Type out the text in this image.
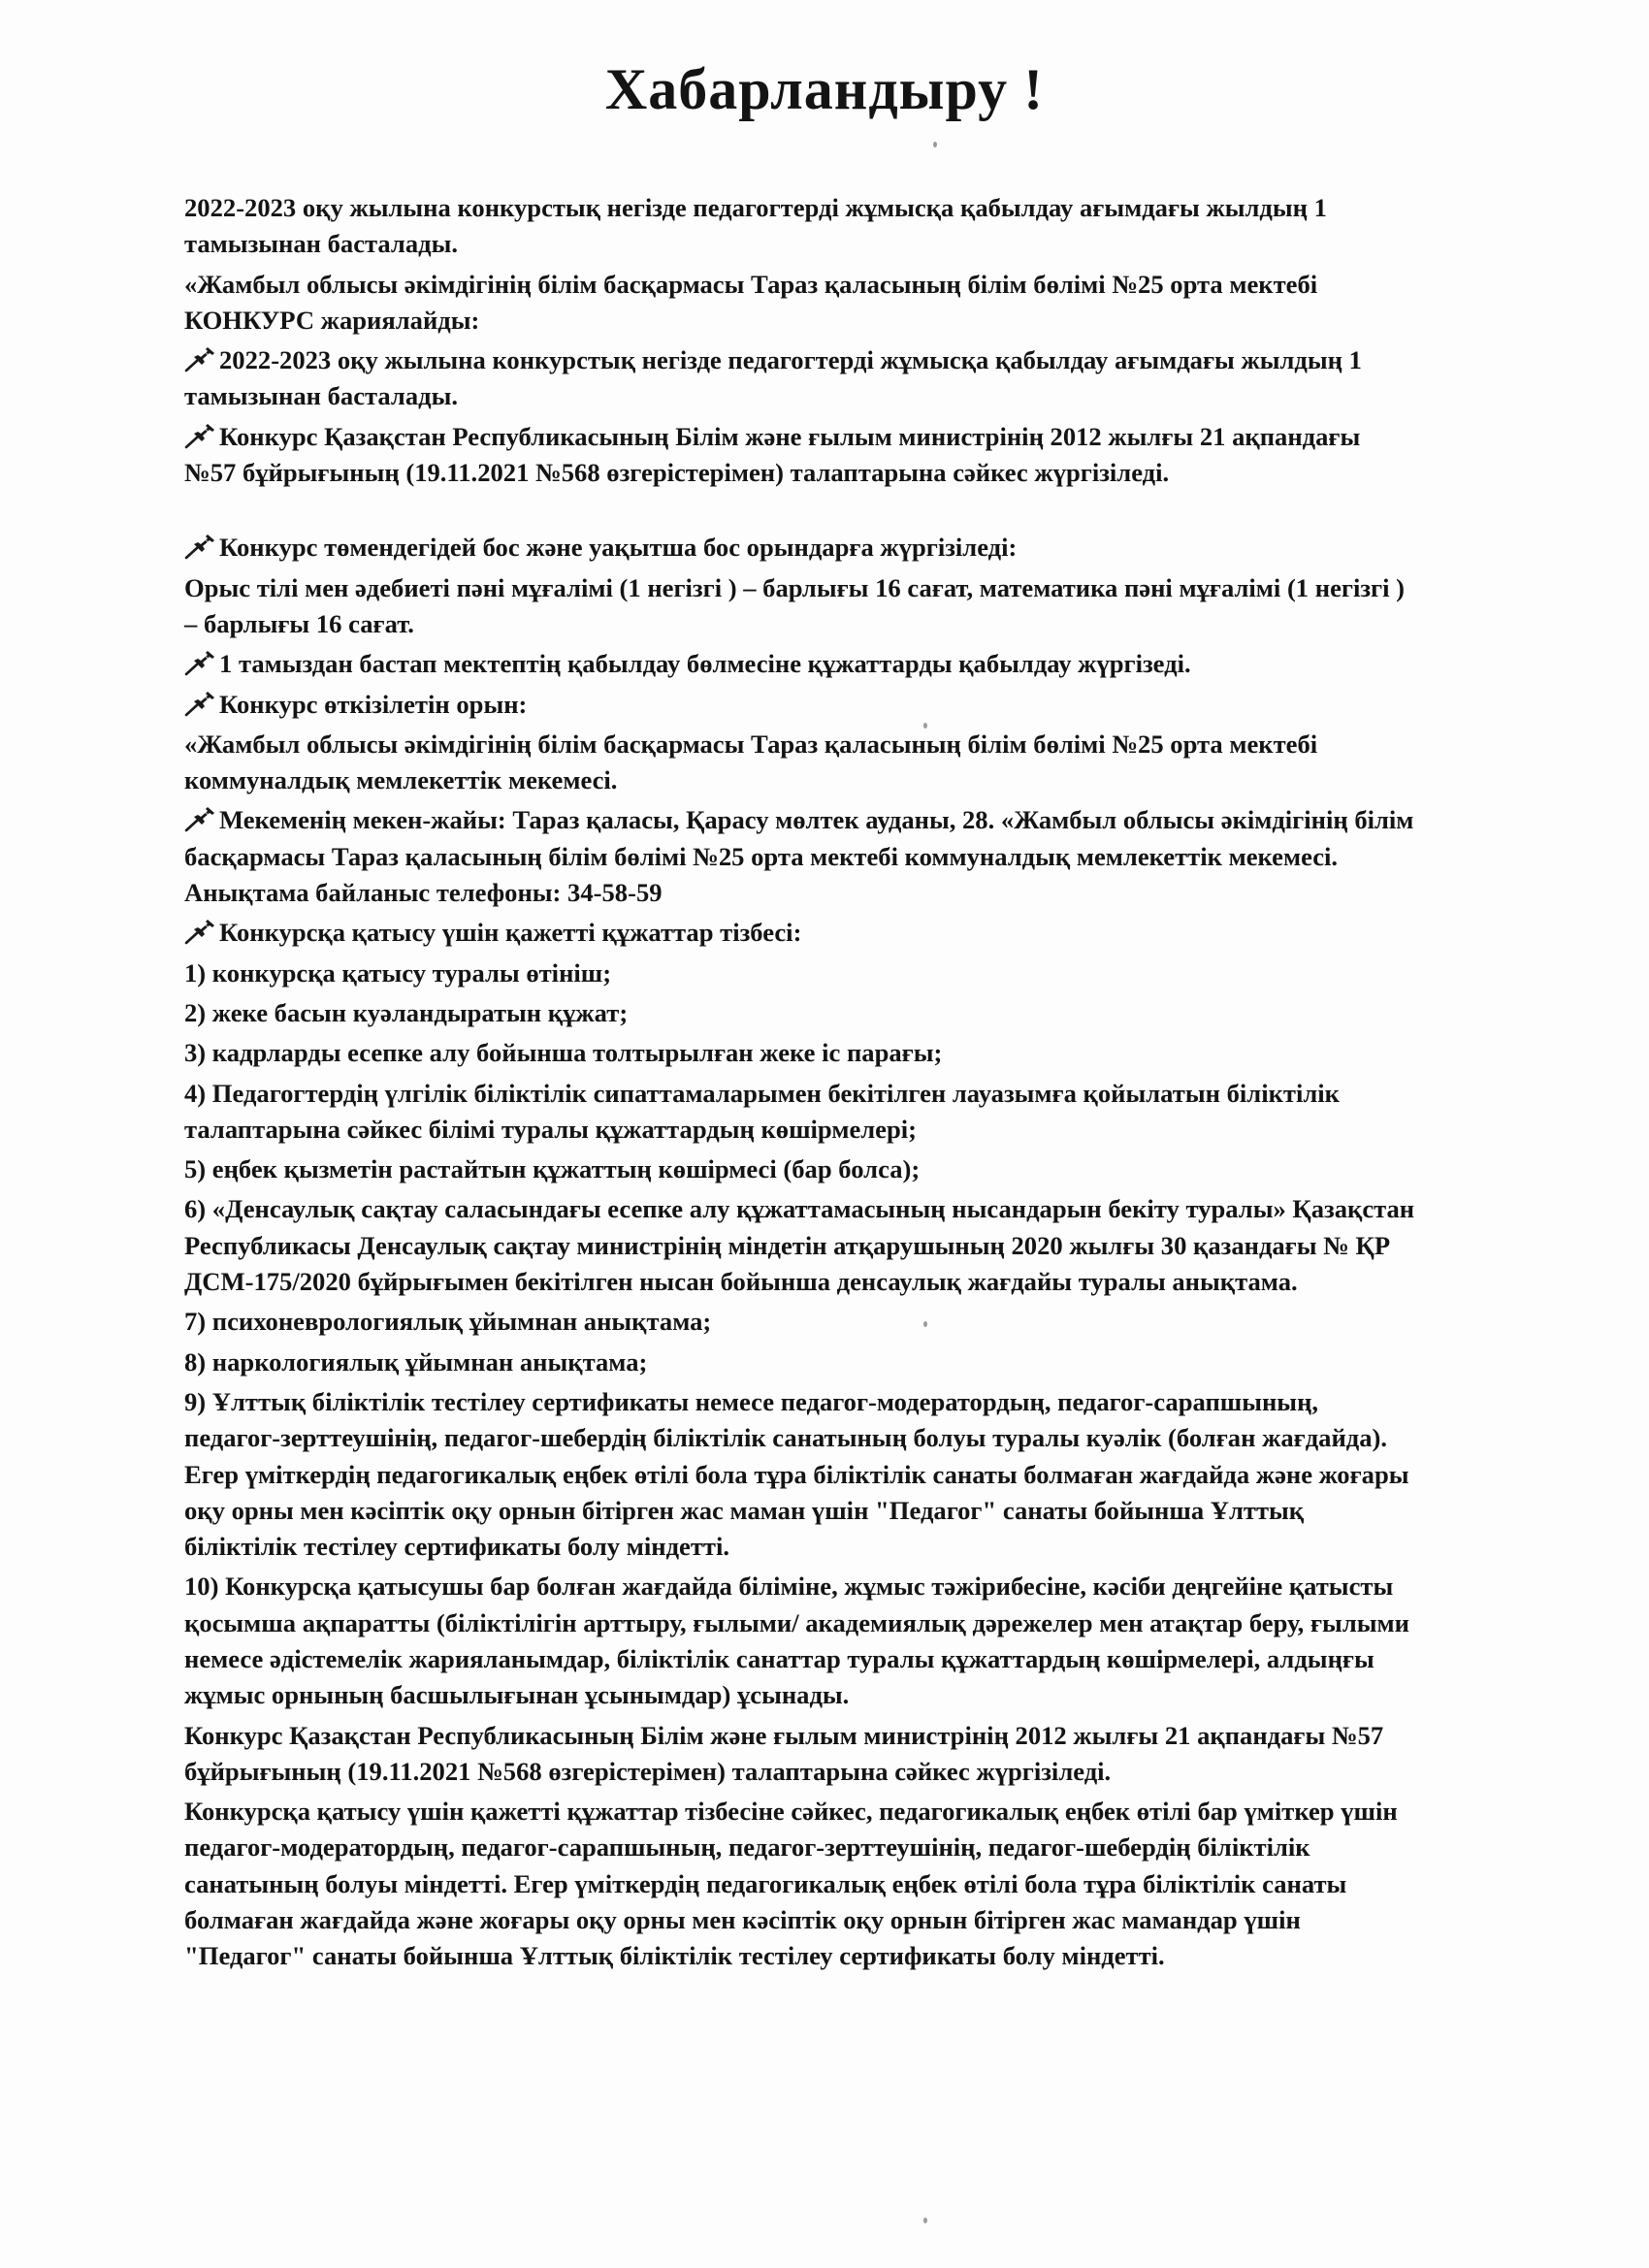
Хабарландыру !

2022-2023 оқу жылына конкурстық негізде педагогтерді жұмысқа қабылдау ағымдағы жылдың 1 тамызынан басталады.

«Жамбыл облысы әкімдігінің білім басқармасы Тараз қаласының білім бөлімі №25 орта мектебі КОНКУРС жариялайды:

2022-2023 оқу жылына конкурстық негізде педагогтерді жұмысқа қабылдау ағымдағы жылдың 1 тамызынан басталады.

Конкурс Қазақстан Республикасының Білім және ғылым министрінің 2012 жылғы 21 ақпандағы №57 бұйрығының (19.11.2021 №568 өзгерістерімен) талаптарына сәйкес жүргізіледі.

Конкурс төмендегідей бос және уақытша бос орындарға жүргізіледі:

Орыс тілі мен әдебиеті пәні мұғалімі (1 негізгі ) – барлығы 16 сағат, математика пәні мұғалімі (1 негізгі ) – барлығы 16 сағат.

1 тамыздан бастап мектептің қабылдау бөлмесіне құжаттарды қабылдау жүргізеді.

Конкурс өткізілетін орын:

«Жамбыл облысы әкімдігінің білім басқармасы Тараз қаласының білім бөлімі №25 орта мектебі коммуналдық мемлекеттік мекемесі.

Мекеменің мекен-жайы: Тараз қаласы, Қарасу мөлтек ауданы, 28. «Жамбыл облысы әкімдігінің білім басқармасы Тараз қаласының білім бөлімі №25 орта мектебі коммуналдық мемлекеттік мекемесі. Анықтама байланыс телефоны: 34-58-59

Конкурсқа қатысу үшін қажетті құжаттар тізбесі:

1) конкурсқа қатысу туралы өтініш;

2) жеке басын куәландыратын құжат;

3) кадрларды есепке алу бойынша толтырылған жеке іс парағы;

4) Педагогтердің үлгілік біліктілік сипаттамаларымен бекітілген лауазымға қойылатын біліктілік талаптарына сәйкес білімі туралы құжаттардың көшірмелері;

5) еңбек қызметін растайтын құжаттың көшірмесі (бар болса);

6) «Денсаулық сақтау саласындағы есепке алу құжаттамасының нысандарын бекіту туралы» Қазақстан Республикасы Денсаулық сақтау министрінің міндетін атқарушының 2020 жылғы 30 қазандағы № ҚР ДСМ-175/2020 бұйрығымен бекітілген нысан бойынша денсаулық жағдайы туралы анықтама.

7) психоневрологиялық ұйымнан анықтама;

8) наркологиялық ұйымнан анықтама;

9) Ұлттық біліктілік тестілеу сертификаты немесе педагог-модератордың, педагог-сарапшының, педагог-зерттеушінің, педагог-шебердің біліктілік санатының болуы туралы куәлік (болған жағдайда). Егер үміткердің педагогикалық еңбек өтілі бола тұра біліктілік санаты болмаған жағдайда және жоғары оқу орны мен кәсіптік оқу орнын бітірген жас маман үшін "Педагог" санаты бойынша Ұлттық біліктілік тестілеу сертификаты болу міндетті.

10) Конкурсқа қатысушы бар болған жағдайда біліміне, жұмыс тәжірибесіне, кәсіби деңгейіне қатысты қосымша ақпаратты (біліктілігін арттыру, ғылыми/ академиялық дәрежелер мен атақтар беру, ғылыми немесе әдістемелік жарияланымдар, біліктілік санаттар туралы құжаттардың көшірмелері, алдыңғы жұмыс орнының басшылығынан ұсынымдар) ұсынады.

Конкурс Қазақстан Республикасының Білім және ғылым министрінің 2012 жылғы 21 ақпандағы №57 бұйрығының (19.11.2021 №568 өзгерістерімен) талаптарына сәйкес жүргізіледі.

Конкурсқа қатысу үшін қажетті құжаттар тізбесіне сәйкес, педагогикалық еңбек өтілі бар үміткер үшін педагог-модератордың, педагог-сарапшының, педагог-зерттеушінің, педагог-шебердің біліктілік санатының болуы міндетті. Егер үміткердің педагогикалық еңбек өтілі бола тұра біліктілік санаты болмаған жағдайда және жоғары оқу орны мен кәсіптік оқу орнын бітірген жас мамандар үшін "Педагог" санаты бойынша Ұлттық біліктілік тестілеу сертификаты болу міндетті.
